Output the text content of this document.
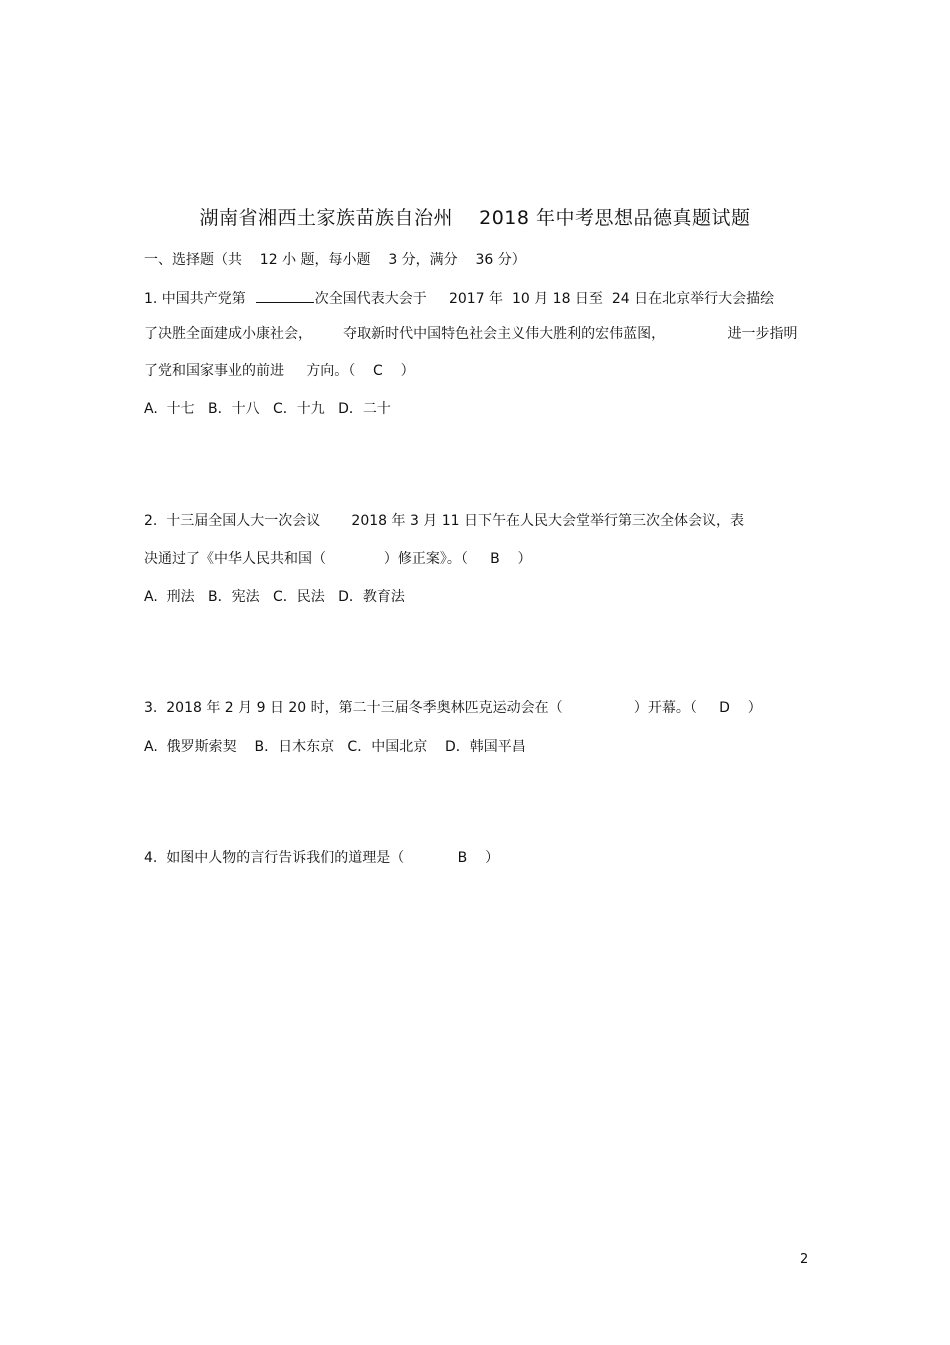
湖南省湘西土家族苗族自治州    2018 年中考思想品德真题试题
一、选择题（共    12 小 题，每小题    3 分，满分    36 分）
1. 中国共产党第	次全国代表大会于     2017 年  10 月 18 日至  24 日在北京举行大会描绘
了决胜全面建成小康社会，       夺取新时代中国特色社会主义伟大胜利的宏伟蓝图，              进一步指明
了党和国家事业的前进     方向。（    C    ）
A.  十七   B．十八   C．十九   D．二十
2.  十三届全国人大一次会议       2018 年 3 月 11 日下午在人民大会堂举行第三次全体会议，表
决通过了《中华人民共和国（             ）修正案》。（     B    ）
A.  刑法   B．宪法   C．民法   D．教育法
3.  2018 年 2 月 9 日 20 时，第二十三届冬季奥林匹克运动会在（                ）开幕。（     D    ）
A.  俄罗斯索契    B．日木东京   C．中国北京    D．韩国平昌
4.  如图中人物的言行告诉我们的道理是（            B    ）
2
